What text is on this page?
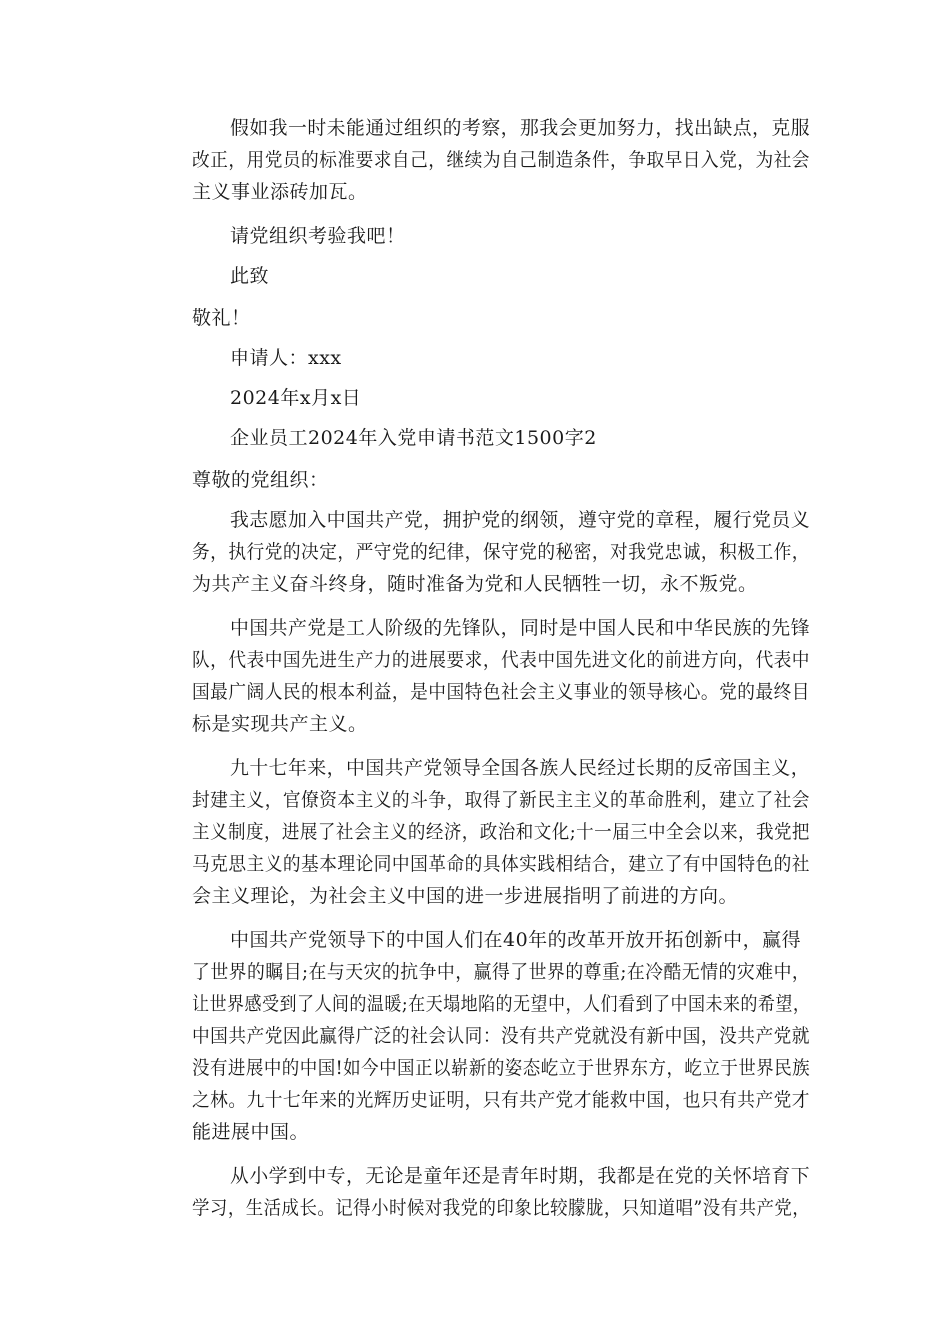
假如我一时未能通过组织的考察，那我会更加努力，找出缺点，克服
改正，用党员的标准要求自己，继续为自己制造条件，争取早日入党，为社会
主义事业添砖加瓦。
请党组织考验我吧！
此致
敬礼！
申请人：xxx
2024年x月x日
企业员工2024年入党申请书范文1500字2
尊敬的党组织：
我志愿加入中国共产党，拥护党的纲领，遵守党的章程，履行党员义
务，执行党的决定，严守党的纪律，保守党的秘密，对我党忠诚，积极工作，
为共产主义奋斗终身，随时准备为党和人民牺牲一切，永不叛党。
中国共产党是工人阶级的先锋队，同时是中国人民和中华民族的先锋
队，代表中国先进生产力的进展要求，代表中国先进文化的前进方向，代表中
国最广阔人民的根本利益，是中国特色社会主义事业的领导核心。党的最终目
标是实现共产主义。
九十七年来，中国共产党领导全国各族人民经过长期的反帝国主义，
封建主义，官僚资本主义的斗争，取得了新民主主义的革命胜利，建立了社会
主义制度，进展了社会主义的经济，政治和文化;十一届三中全会以来，我党把
马克思主义的基本理论同中国革命的具体实践相结合，建立了有中国特色的社
会主义理论，为社会主义中国的进一步进展指明了前进的方向。
中国共产党领导下的中国人们在40年的改革开放开拓创新中，赢得
了世界的瞩目;在与天灾的抗争中，赢得了世界的尊重;在冷酷无情的灾难中，
让世界感受到了人间的温暖;在天塌地陷的无望中，人们看到了中国未来的希望，
中国共产党因此赢得广泛的社会认同：没有共产党就没有新中国，没共产党就
没有进展中的中国!如今中国正以崭新的姿态屹立于世界东方，屹立于世界民族
之林。九十七年来的光辉历史证明，只有共产党才能救中国，也只有共产党才
能进展中国。
从小学到中专，无论是童年还是青年时期，我都是在党的关怀培育下
学习，生活成长。记得小时候对我党的印象比较朦胧，只知道唱”没有共产党，
